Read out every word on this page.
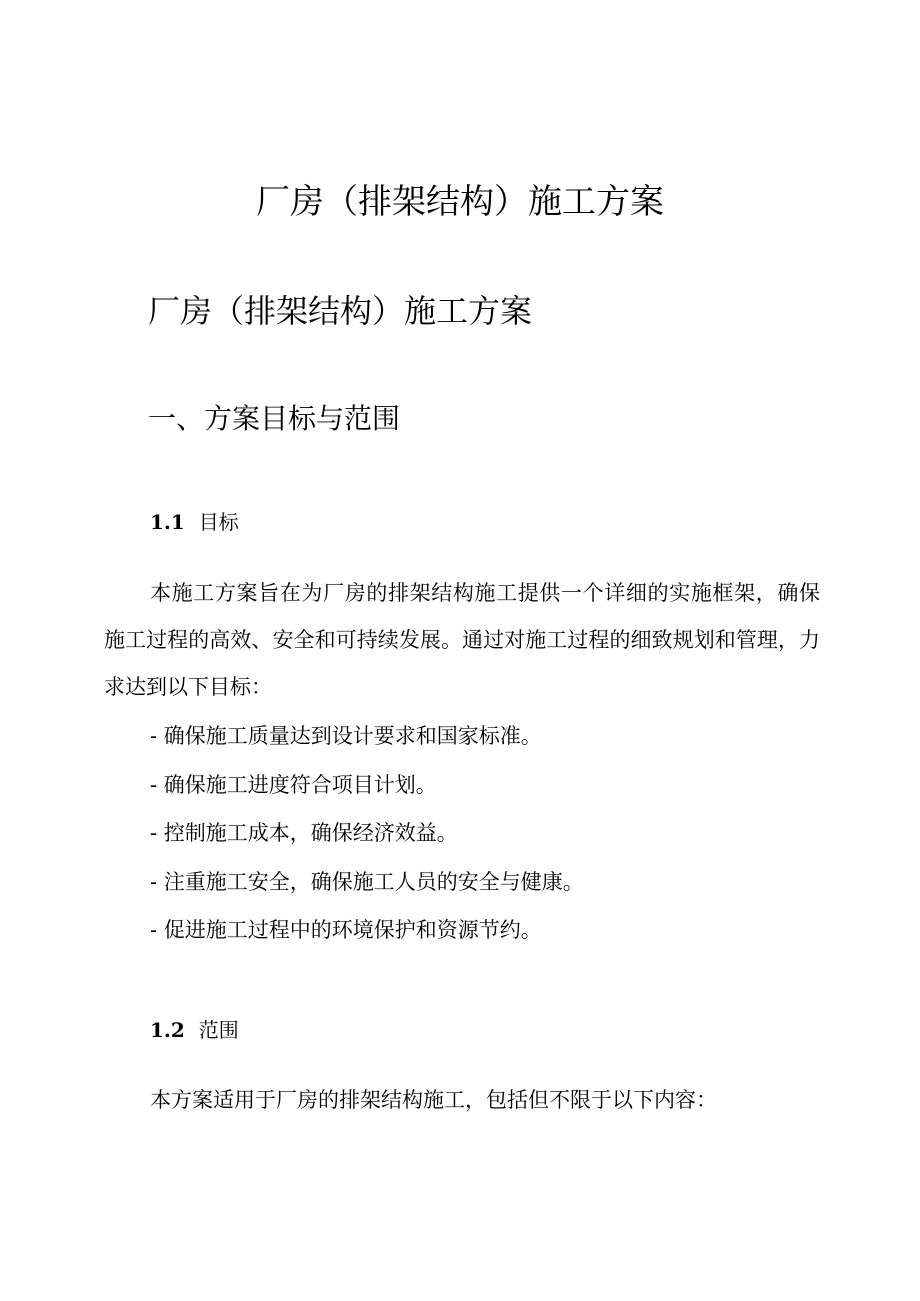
厂房（排架结构）施工方案
厂房（排架结构）施工方案
一、方案目标与范围
1.1 目标

本施工方案旨在为厂房的排架结构施工提供一个详细的实施框架，确保施工过程的高效、安全和可持续发展。通过对施工过程的细致规划和管理，力求达到以下目标：

- 确保施工质量达到设计要求和国家标准。
- 确保施工进度符合项目计划。
- 控制施工成本，确保经济效益。
- 注重施工安全，确保施工人员的安全与健康。
- 促进施工过程中的环境保护和资源节约。
1.2 范围

本方案适用于厂房的排架结构施工，包括但不限于以下内容：
